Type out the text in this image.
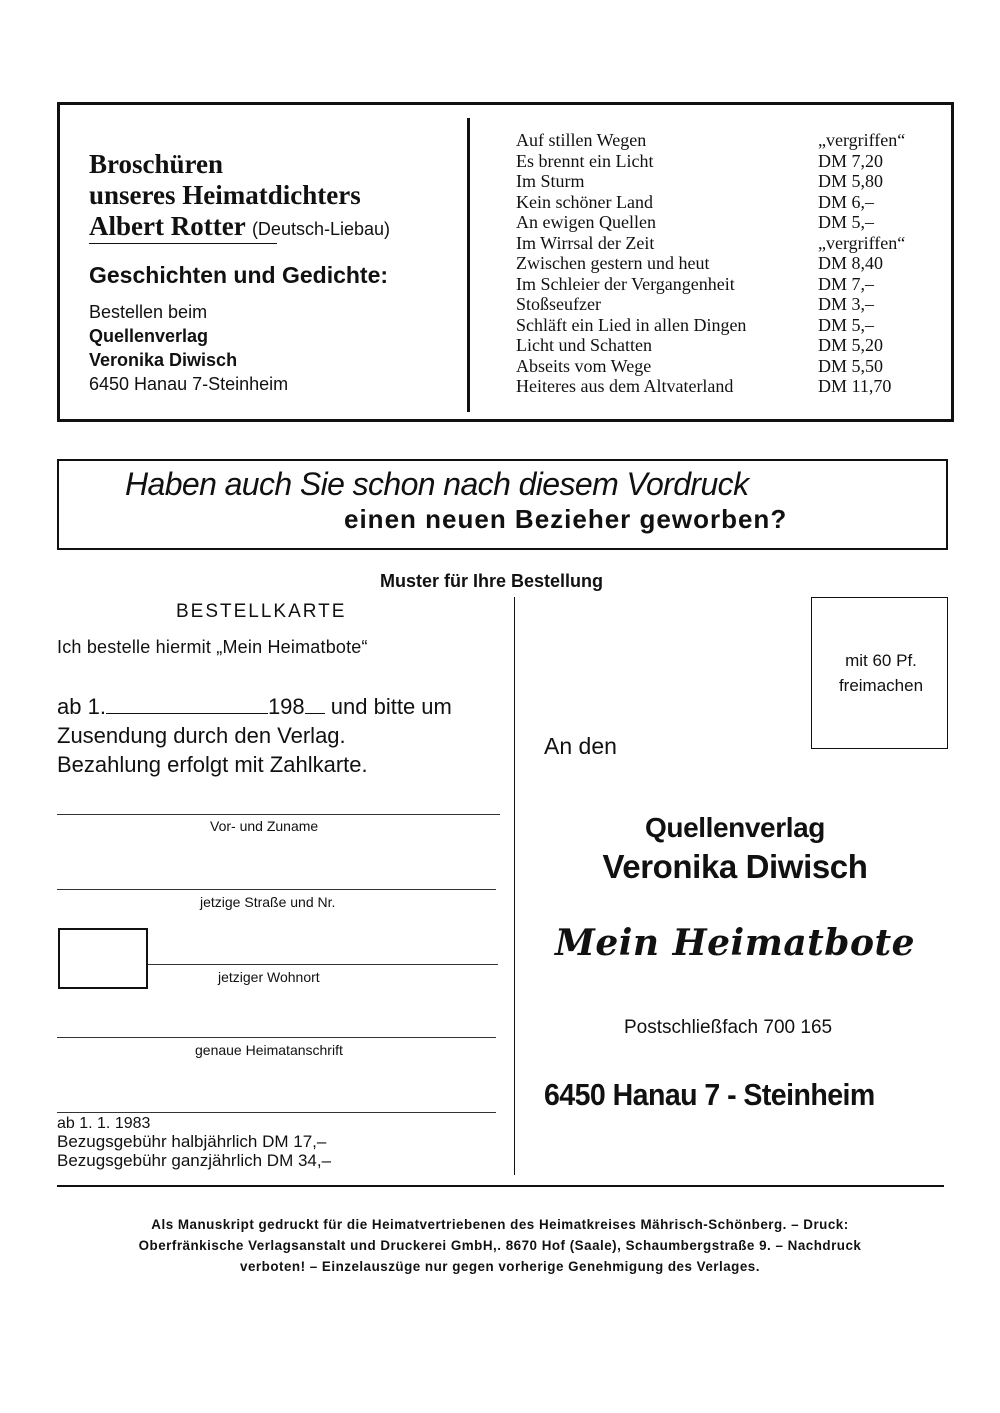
Broschüren
unseres Heimatdichters
Albert Rotter (Deutsch-Liebau)
Geschichten und Gedichte:
Bestellen beim
Quellenverlag
Veronika Diwisch
6450 Hanau 7-Steinheim
Auf stillen Wegen	„vergriffen“
Es brennt ein Licht	DM 7,20
Im Sturm	DM 5,80
Kein schöner Land	DM 6,–
An ewigen Quellen	DM 5,–
Im Wirrsal der Zeit	„vergriffen“
Zwischen gestern und heut	DM 8,40
Im Schleier der Vergangenheit	DM 7,–
Stoßseufzer	DM 3,–
Schläft ein Lied in allen Dingen	DM 5,–
Licht und Schatten	DM 5,20
Abseits vom Wege	DM 5,50
Heiteres aus dem Altvaterland	DM 11,70
Haben auch Sie schon nach diesem Vordruck
einen neuen Bezieher geworben?
Muster für Ihre Bestellung
BESTELLKARTE
Ich bestelle hiermit „Mein Heimatbote“
ab 1.	198 und bitte um
Zusendung durch den Verlag.
Bezahlung erfolgt mit Zahlkarte.
Vor- und Zuname
jetzige Straße und Nr.
jetziger Wohnort
genaue Heimatanschrift
ab 1. 1. 1983
Bezugsgebühr halbjährlich DM 17,–
Bezugsgebühr ganzjährlich DM 34,–
mit 60 Pf.
freimachen
An den
Quellenverlag
Veronika Diwisch
Mein Heimatbote
Postschließfach 700 165
6450 Hanau 7 - Steinheim
Als Manuskript gedruckt für die Heimatvertriebenen des Heimatkreises Mährisch-Schönberg. – Druck:
Oberfränkische Verlagsanstalt und Druckerei GmbH,. 8670 Hof (Saale), Schaumbergstraße 9. – Nachdruck
verboten! – Einzelauszüge nur gegen vorherige Genehmigung des Verlages.
